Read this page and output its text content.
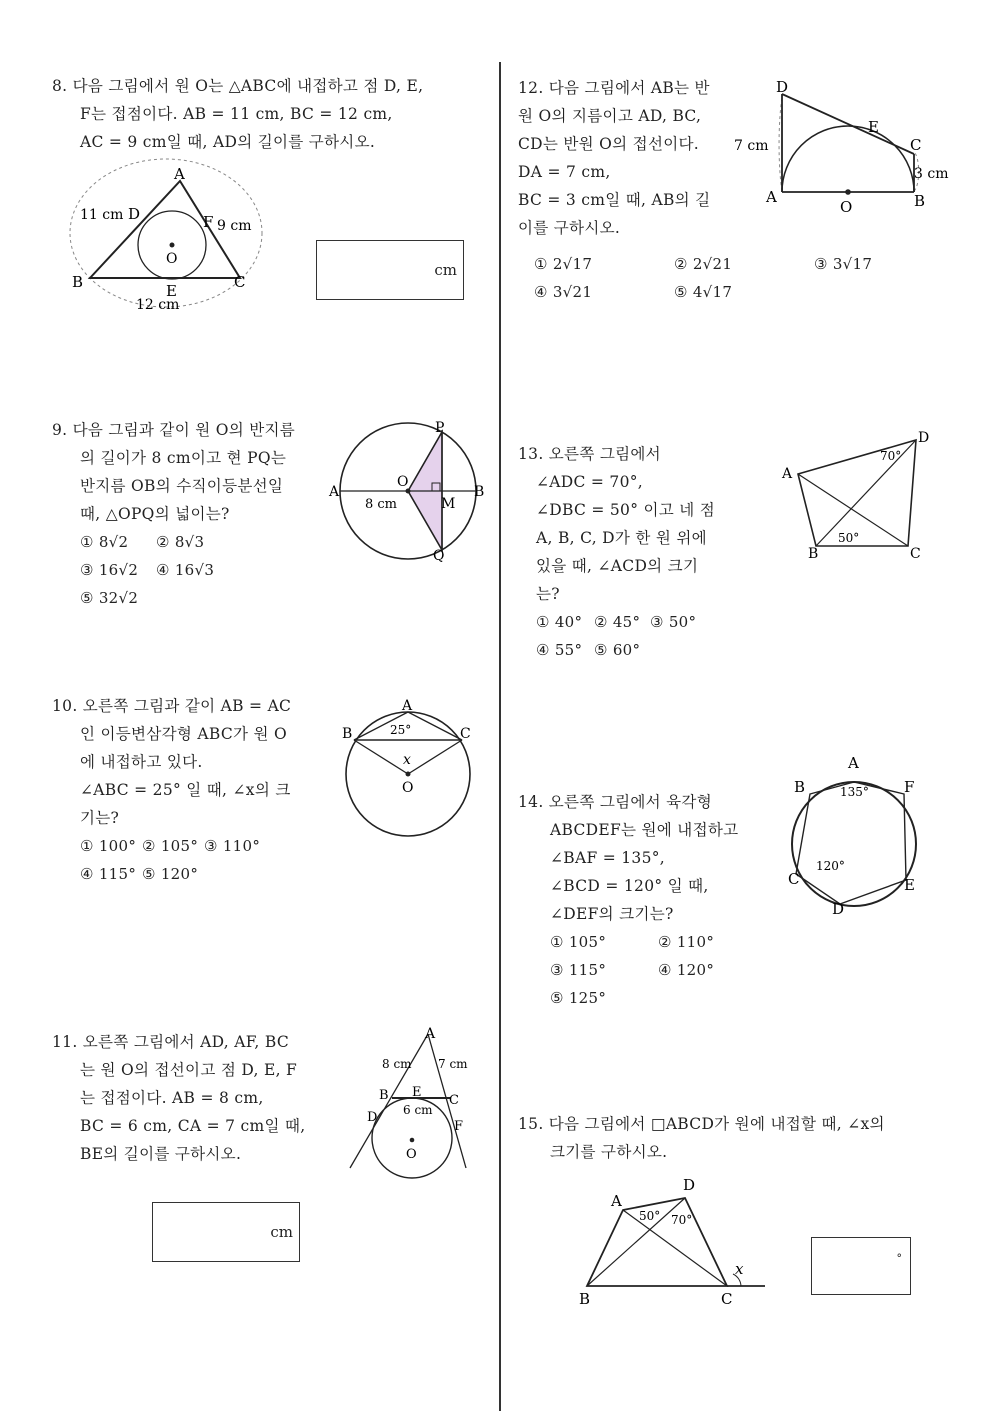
8. 다음 그림에서 원 O는 △ABC에 내접하고 점 D, E,

F는 접점이다. AB = 11 cm, BC = 12 cm,

AC = 9 cm일 때, AD의 길이를 구하시오.

A
B	C
D
E
F
O
11 cm
9 cm
12 cm
cm

9. 다음 그림과 같이 원 O의 반지름

의 길이가 8 cm이고 현 PQ는

반지름 OB의 수직이등분선일

때, △OPQ의 넓이는?

① 8√2 ② 8√3

③ 16√2 ④ 16√3

⑤ 32√2

P
Q
A	B
O
M
8 cm

10. 오른쪽 그림과 같이 AB = AC

인 이등변삼각형 ABC가 원 O

에 내접하고 있다.

∠ABC = 25° 일 때, ∠x의 크

기는?

① 100° ② 105° ③ 110°

④ 115° ⑤ 120°

A
B	C
O
x
25°

11. 오른쪽 그림에서 AD, AF, BC

는 원 O의 접선이고 점 D, E, F

는 접점이다. AB = 8 cm,

BC = 6 cm, CA = 7 cm일 때,

BE의 길이를 구하시오.

A
B	C
D
E
F
O
8 cm 7 cm
6 cm
cm

12. 다음 그림에서 AB는 반

원 O의 지름이고 AD, BC,

CD는 반원 O의 접선이다.

DA = 7 cm,

BC = 3 cm일 때, AB의 길

이를 구하시오.

① 2√17	② 2√21	③ 3√17

④ 3√21	⑤ 4√17

D
E
C
A
O	B
7 cm
3 cm

13. 오른쪽 그림에서

∠ADC = 70°,

∠DBC = 50° 이고 네 점

A, B, C, D가 한 원 위에

있을 때, ∠ACD의 크기

는?

① 40° ② 45° ③ 50°

④ 55° ⑤ 60°

A
D
B	C
70°
50°

14. 오른쪽 그림에서 육각형

ABCDEF는 원에 내접하고

∠BAF = 135°,

∠BCD = 120° 일 때,

∠DEF의 크기는?

① 105°	② 110°

③ 115°	④ 120°

⑤ 125°

A
B	F
C	E
D
135°
120°

15. 다음 그림에서 □ABCD가 원에 내접할 때, ∠x의

크기를 구하시오.

A
D
B	C
x
50° 70°
°
